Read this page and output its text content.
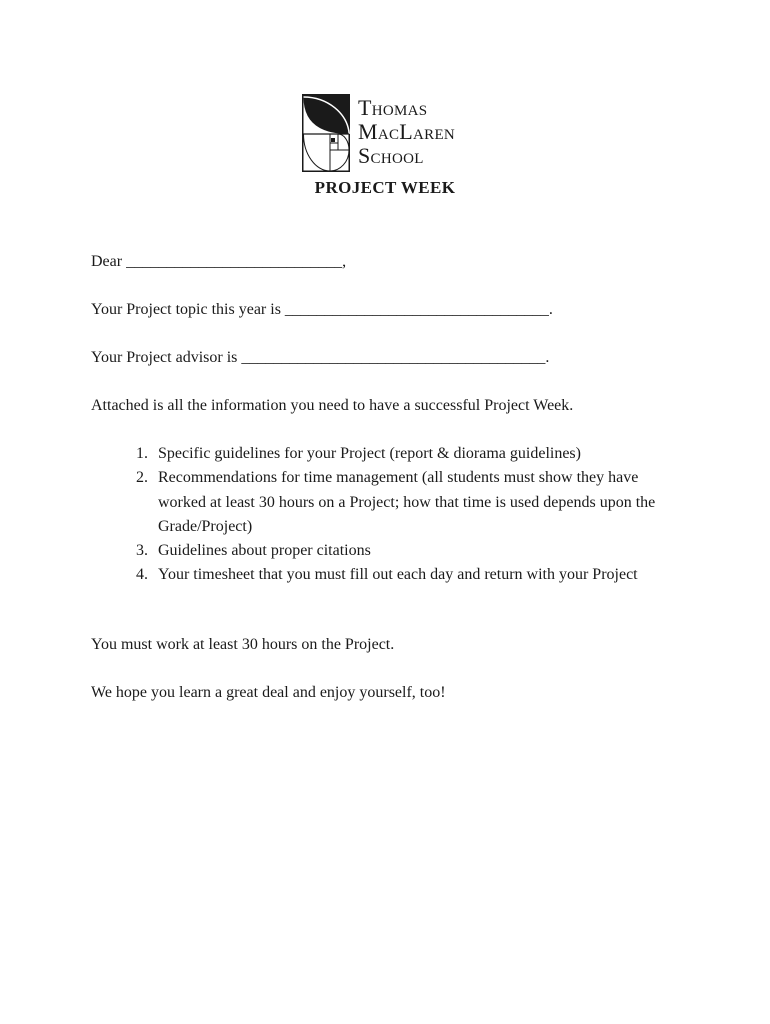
Thomas
MacLaren
School
PROJECT WEEK
Dear ___________________________,
Your Project topic this year is _________________________________.
Your Project advisor is ______________________________________.
Attached is all the information you need to have a successful Project Week.
1. Specific guidelines for your Project (report & diorama guidelines)
2. Recommendations for time management (all students must show they have worked at least 30 hours on a Project; how that time is used depends upon the Grade/Project)
3. Guidelines about proper citations
4. Your timesheet that you must fill out each day and return with your Project
You must work at least 30 hours on the Project.
We hope you learn a great deal and enjoy yourself, too!
